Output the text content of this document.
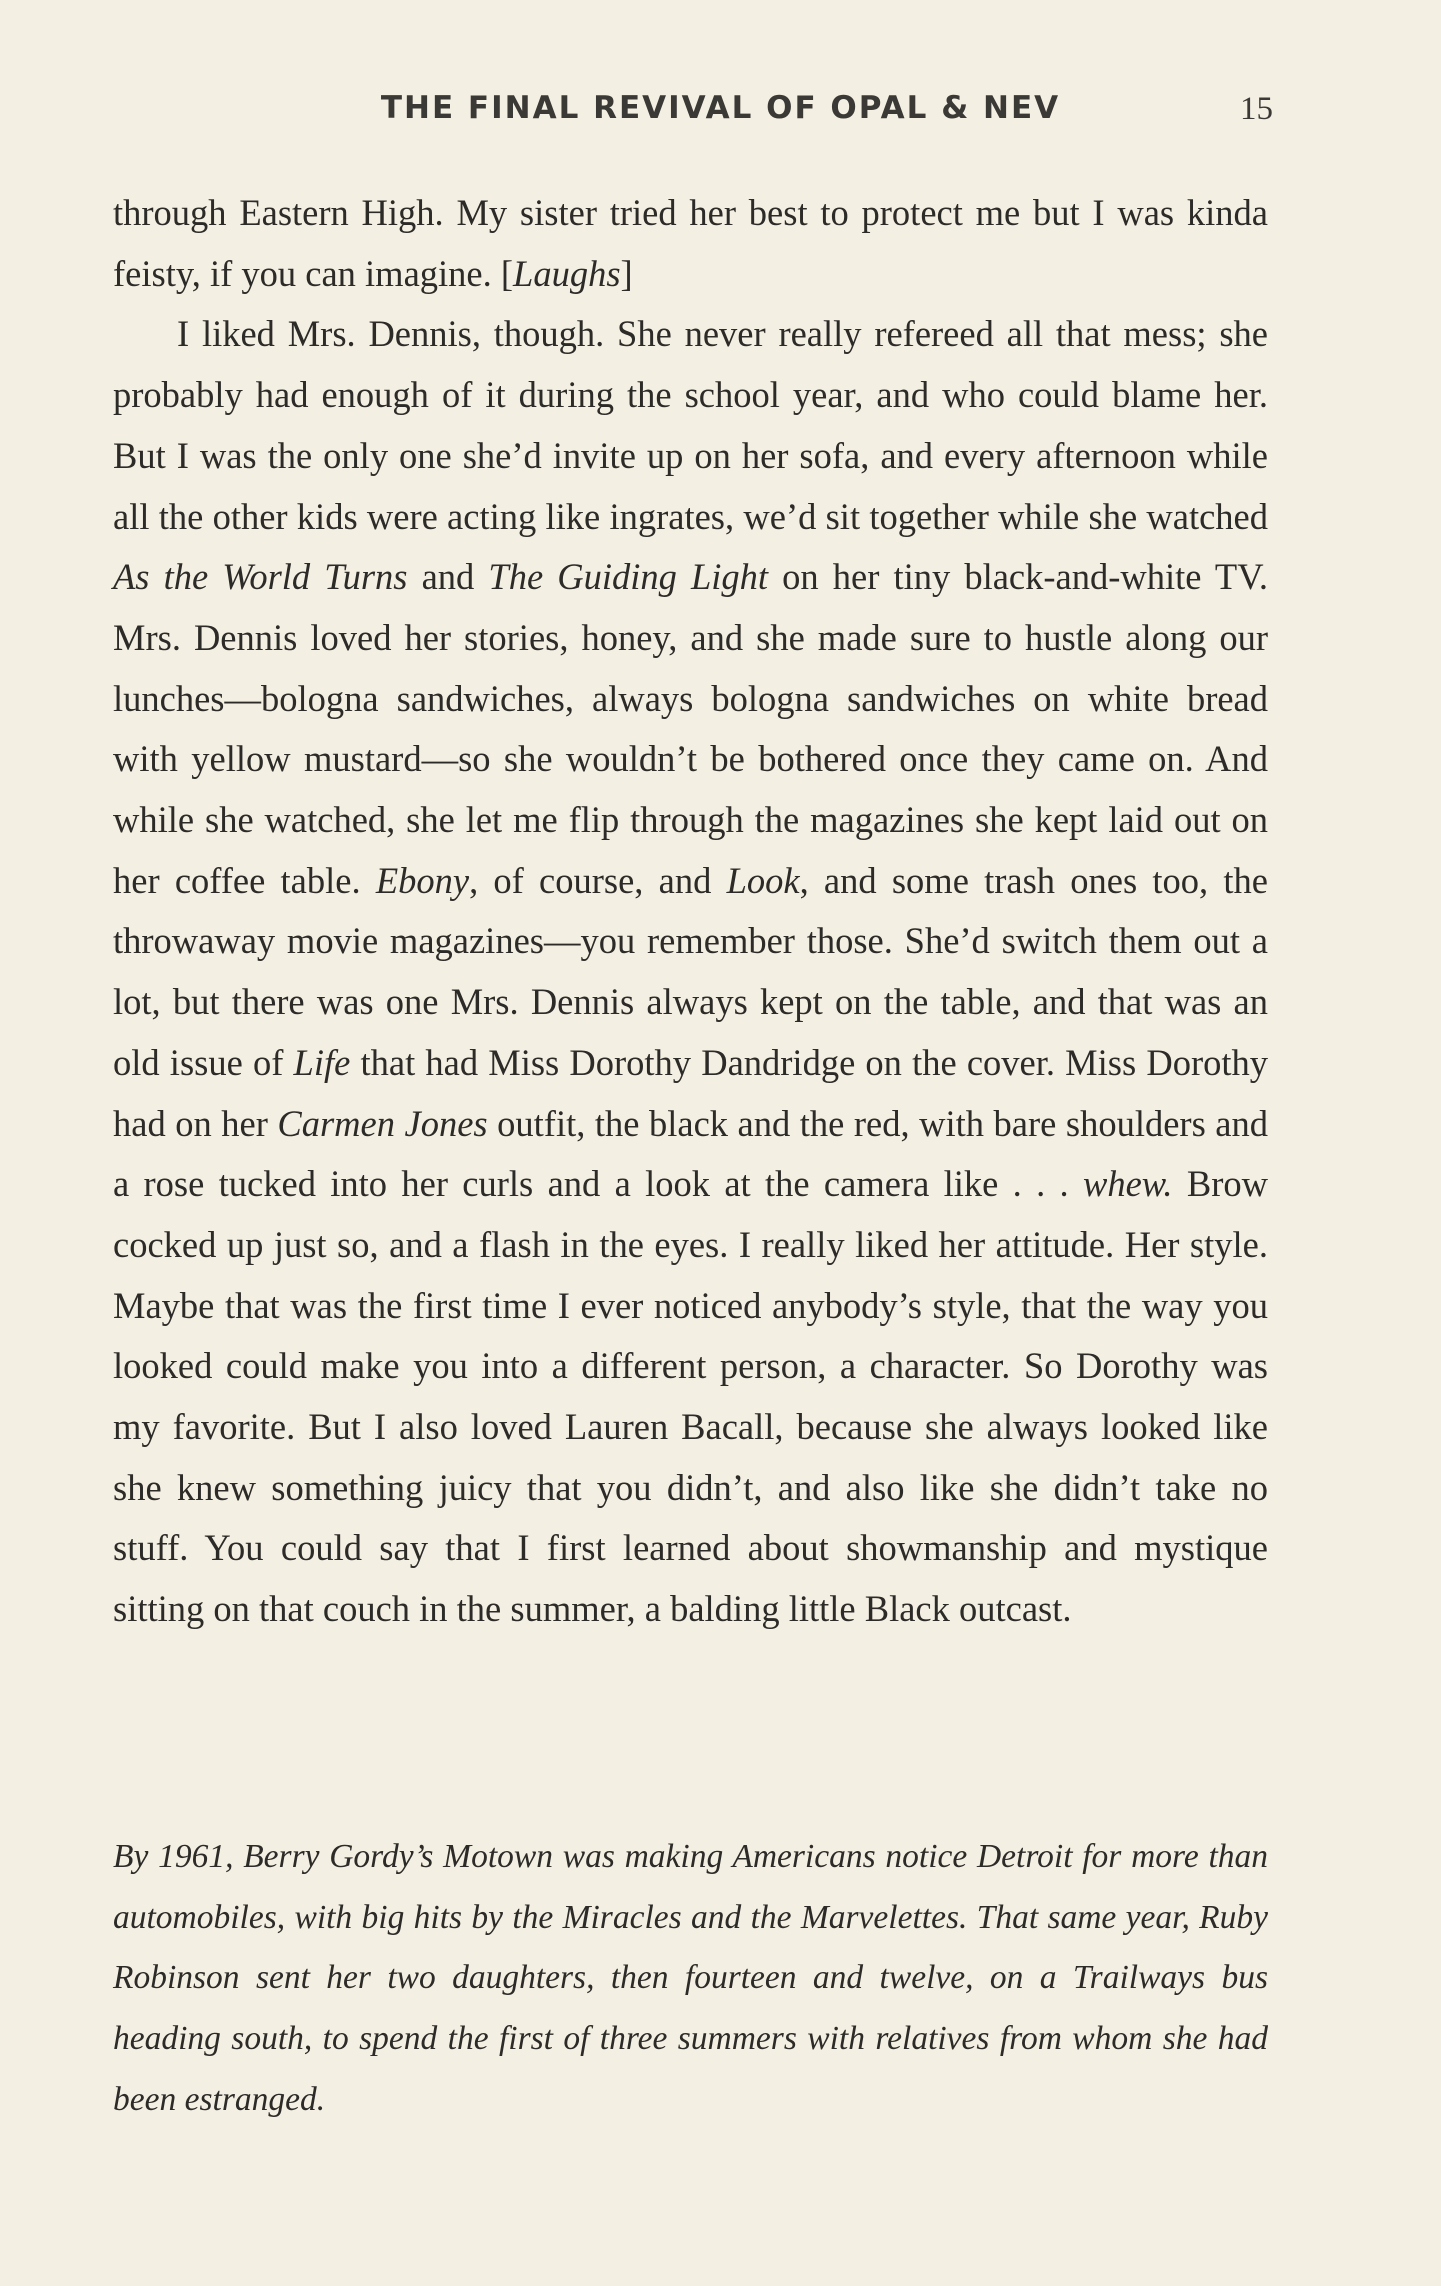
THE FINAL REVIVAL OF OPAL & NEV	15

through Eastern High. My sister tried her best to protect me but I was kinda feisty, if you can imagine. [Laughs]

I liked Mrs. Dennis, though. She never really refereed all that mess; she probably had enough of it during the school year, and who could blame her. But I was the only one she’d invite up on her sofa, and every afternoon while all the other kids were acting like ingrates, we’d sit together while she watched As the World Turns and The Guiding Light on her tiny black-and-white TV. Mrs. Dennis loved her stories, honey, and she made sure to hustle along our lunches—bologna sandwiches, always bologna sandwiches on white bread with yellow mustard—so she wouldn’t be bothered once they came on. And while she watched, she let me flip through the magazines she kept laid out on her coffee table. Ebony, of course, and Look, and some trash ones too, the throwaway movie magazines—you remember those. She’d switch them out a lot, but there was one Mrs. Dennis always kept on the table, and that was an old issue of Life that had Miss Dorothy Dandridge on the cover. Miss Dorothy had on her Carmen Jones outfit, the black and the red, with bare shoulders and a rose tucked into her curls and a look at the camera like . . . whew. Brow cocked up just so, and a flash in the eyes. I really liked her attitude. Her style. Maybe that was the first time I ever noticed anybody’s style, that the way you looked could make you into a different person, a character. So Dorothy was my favorite. But I also loved Lauren Bacall, because she always looked like she knew something juicy that you didn’t, and also like she didn’t take no stuff. You could say that I first learned about showmanship and mystique sitting on that couch in the summer, a balding little Black outcast.

By 1961, Berry Gordy’s Motown was making Americans notice Detroit for more than automobiles, with big hits by the Miracles and the Marvelettes. That same year, Ruby Robinson sent her two daughters, then fourteen and twelve, on a Trailways bus heading south, to spend the first of three summers with relatives from whom she had been estranged.
